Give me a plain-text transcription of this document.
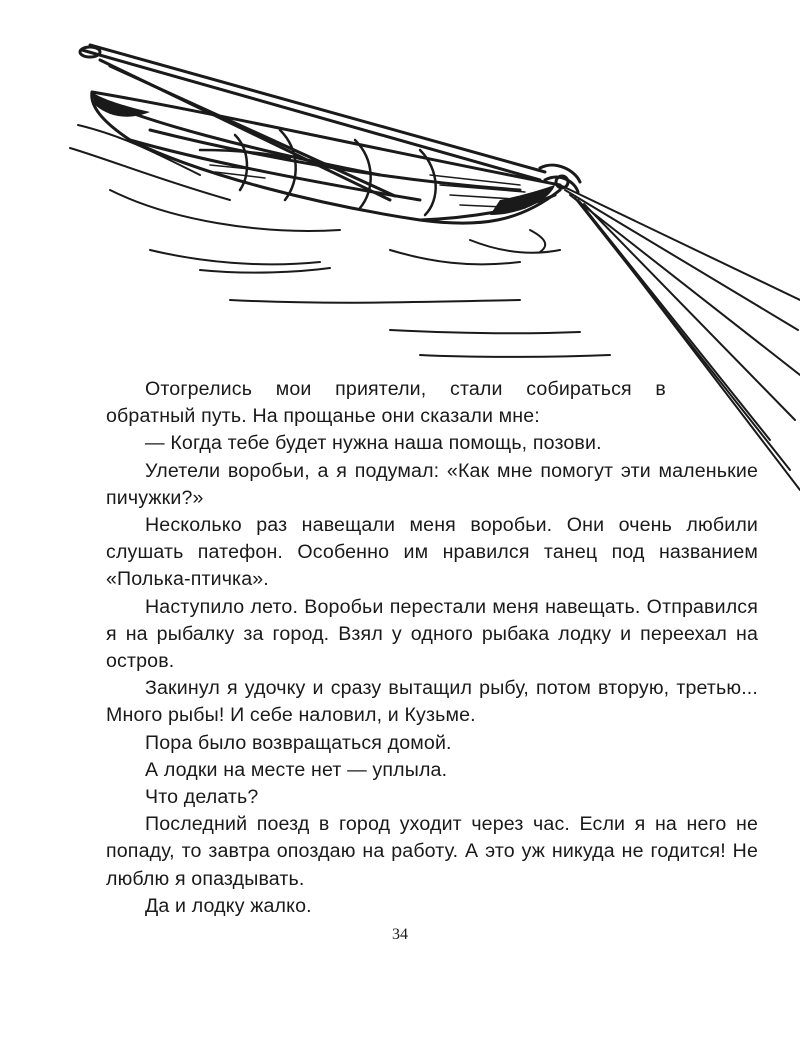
Отогрелись мои приятели, стали собираться в обратный путь. На прощанье они сказали мне:

— Когда тебе будет нужна наша помощь, позови.

Улетели воробьи, а я подумал: «Как мне помогут эти маленькие пичужки?»

Несколько раз навещали меня воробьи. Они очень любили слушать патефон. Особенно им нравился танец под названием «Полька-птичка».

Наступило лето. Воробьи перестали меня навещать. Отправился я на рыбалку за город. Взял у одного рыбака лодку и переехал на остров.

Закинул я удочку и сразу вытащил рыбу, потом вторую, третью... Много рыбы! И себе наловил, и Кузьме.

Пора было возвращаться домой.

А лодки на месте нет — уплыла.

Что делать?

Последний поезд в город уходит через час. Если я на него не попаду, то завтра опоздаю на работу. А это уж никуда не годится! Не люблю я опаздывать.

Да и лодку жалко.

34
